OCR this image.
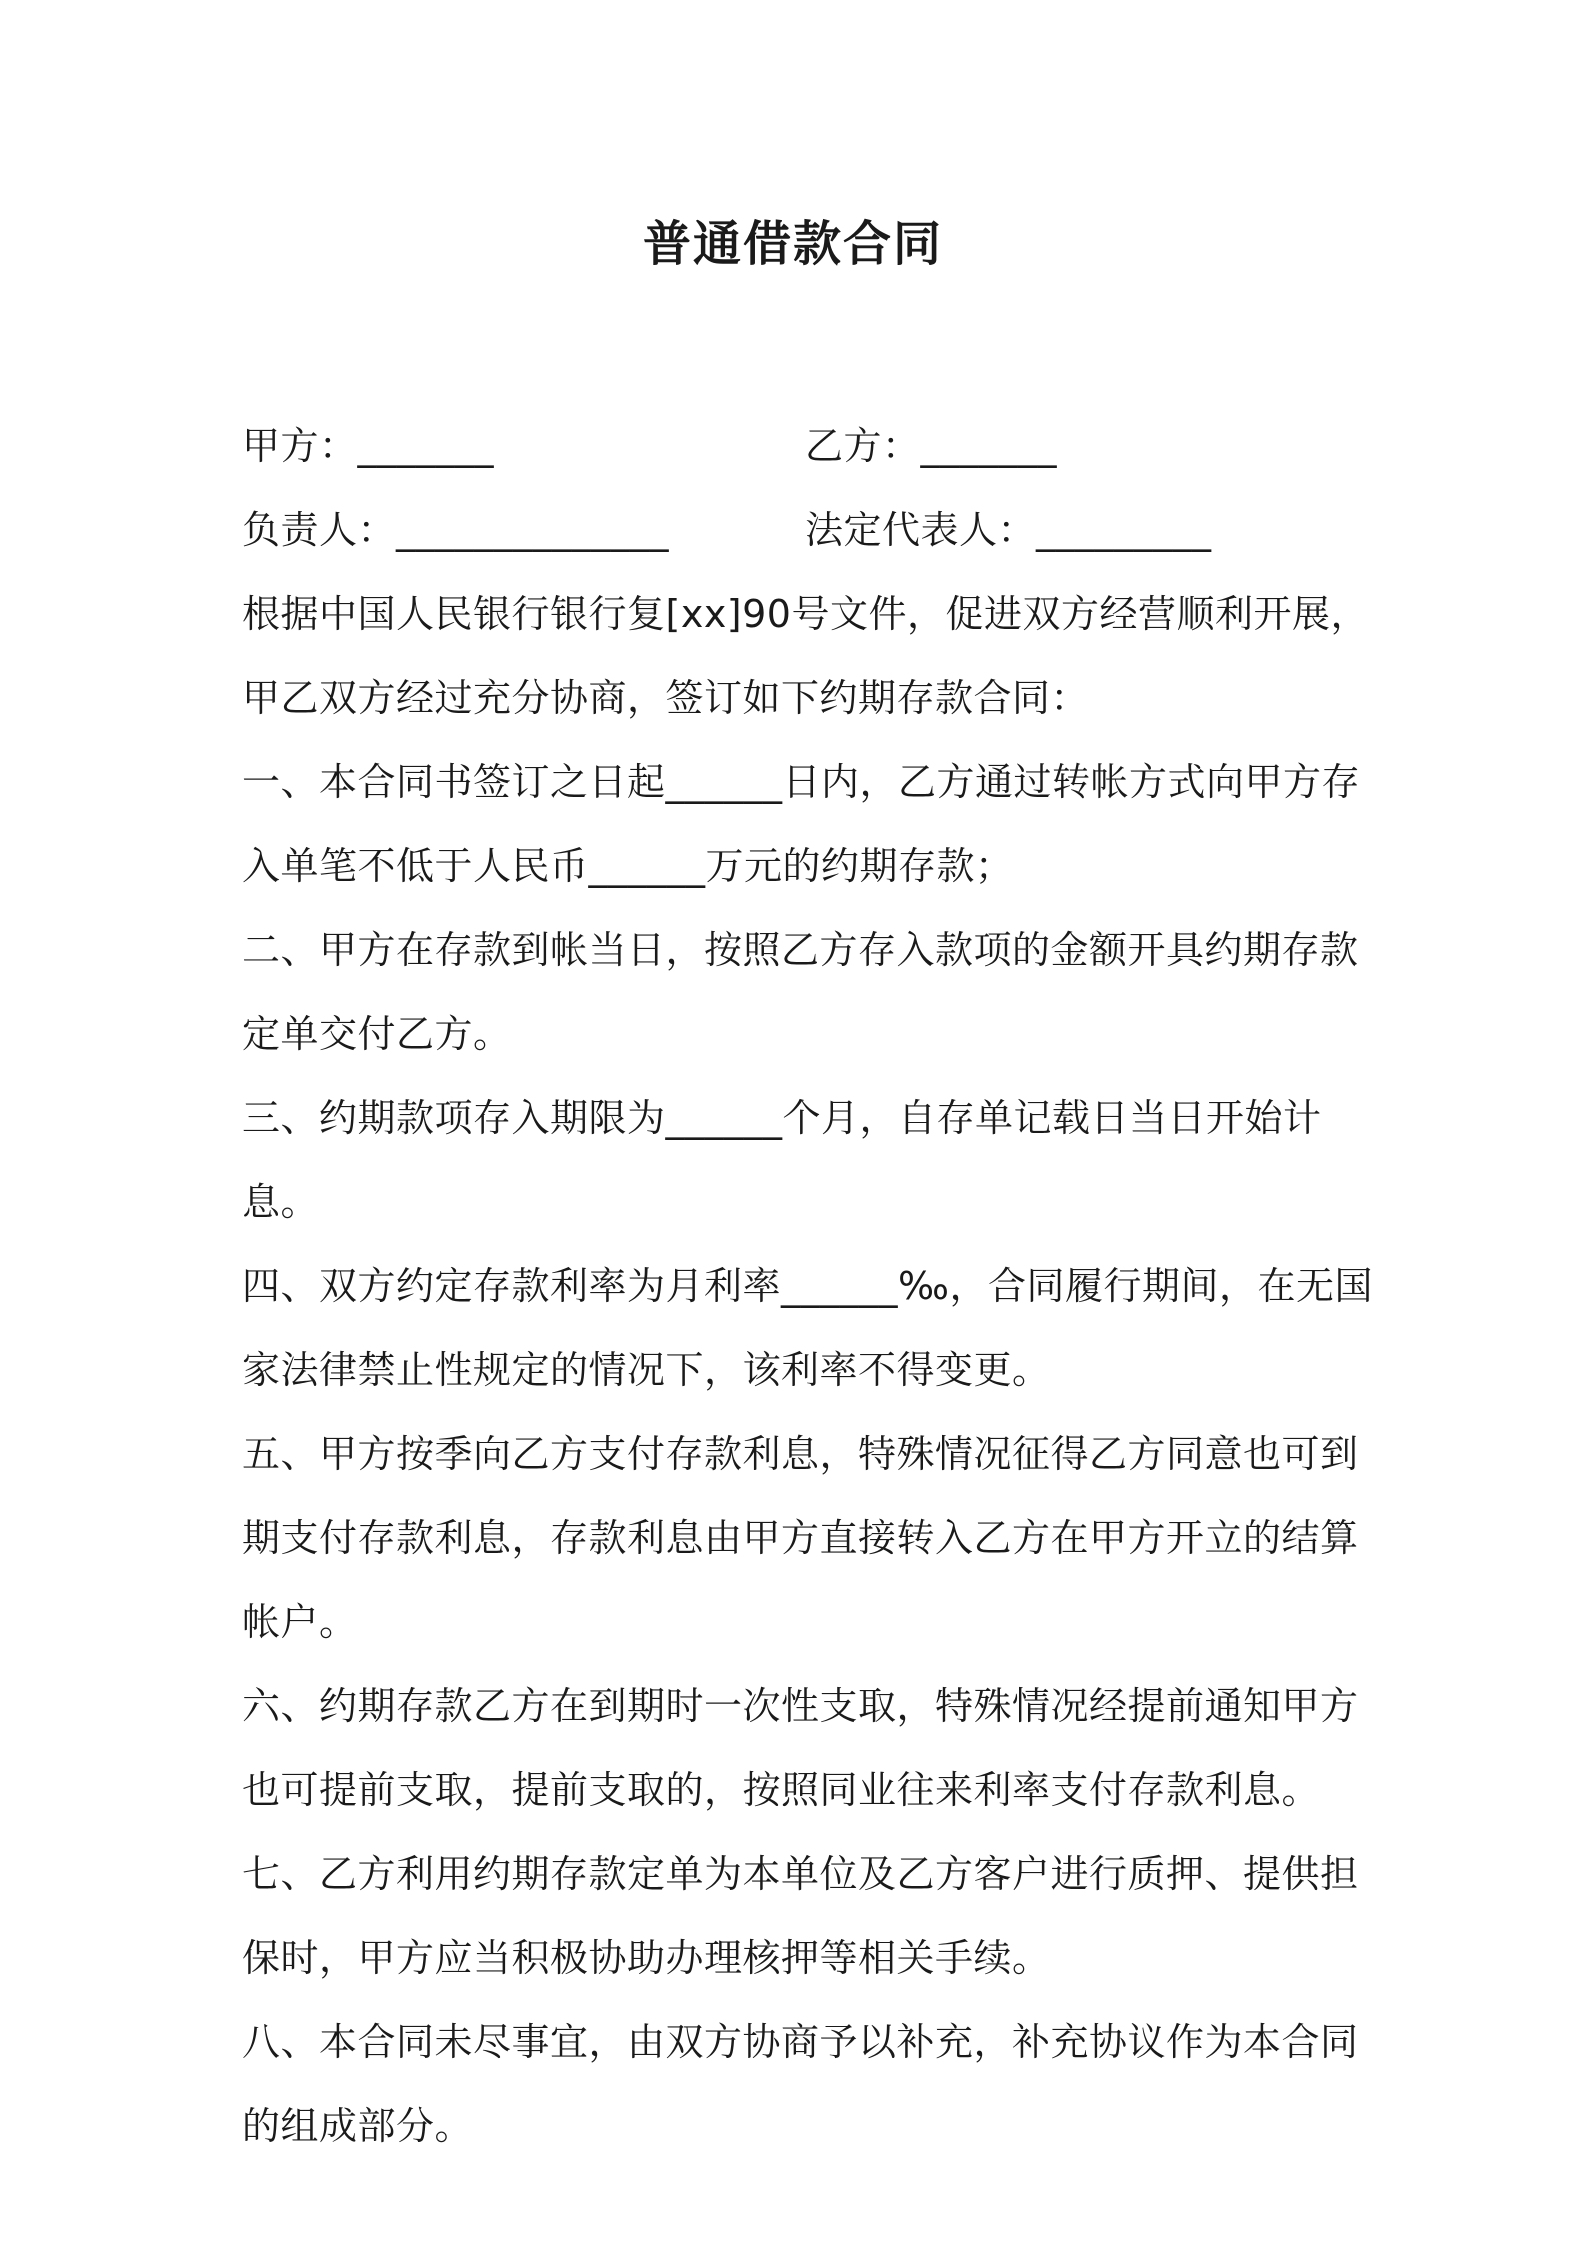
普通借款合同
甲方：_______	乙方：_______
负责人：______________	法定代表人：_________

根据中国人民银行银行复[xx]90号文件，促进双方经营顺利开展，甲乙双方经过充分协商，签订如下约期存款合同：

一、本合同书签订之日起______日内，乙方通过转帐方式向甲方存入单笔不低于人民币______万元的约期存款；

二、甲方在存款到帐当日，按照乙方存入款项的金额开具约期存款定单交付乙方。

三、约期款项存入期限为______个月，自存单记载日当日开始计息。

四、双方约定存款利率为月利率______‰，合同履行期间，在无国家法律禁止性规定的情况下，该利率不得变更。

五、甲方按季向乙方支付存款利息，特殊情况征得乙方同意也可到期支付存款利息，存款利息由甲方直接转入乙方在甲方开立的结算帐户。

六、约期存款乙方在到期时一次性支取，特殊情况经提前通知甲方也可提前支取，提前支取的，按照同业往来利率支付存款利息。

七、乙方利用约期存款定单为本单位及乙方客户进行质押、提供担保时，甲方应当积极协助办理核押等相关手续。

八、本合同未尽事宜，由双方协商予以补充，补充协议作为本合同的组成部分。
